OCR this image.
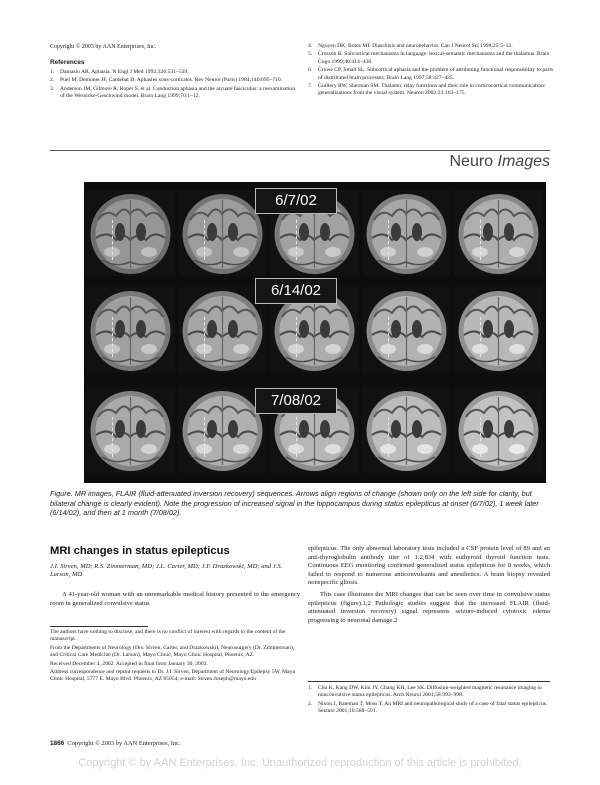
Copyright © 2003 by AAN Enterprises, Inc.
References
1. Damasio AR. Aphasia. N Engl J Med 1992;326:531–539.
2. Puel M, Demonet JF, Cardebat D. Aphasies sous-corticales. Rev Neurol (Paris) 1984;140:695–710.
3. Anderson JM, Gilmore R, Roper S, et al. Conduction aphasia and the arcuate fasciculus: a reexamination of the Wernicke-Geschwind model. Brain Lang 1999;70:1–12.
4. Nguyen DK, Botez MI. Diaschisis and neurobehavior. Can J Neurol Sci 1998;25:5–12.
5. Crosson B. Subcortical mechanisms in language: lexical-semantic mechanisms and the thalamus. Brain Cogn 1999;40:414–438.
6. Crowe CP, Small SL. Subcortical aphasia and the problem of attributing functional responsibility to parts of distributed brain processes. Brain Lang 1997;58:427–435.
7. Guillery RW, Sherman SM. Thalamic relay functions and their role in corticocortical communication: generalizations from the visual system. Neuron 2002;33:163–175.
Neuro Images
6/7/02
6/14/02
7/08/02
Figure. MR images, FLAIR (fluid-attenuated inversion recovery) sequences. Arrows align regions of change (shown only on the left side for clarity, but bilateral change is clearly evident). Note the progression of increased signal in the hippocampus during status epilepticus at onset (6/7/02), 1 week later (6/14/02), and then at 1 month (7/08/02).
MRI changes in status epilepticus
J.I. Sirven, MD; R.S. Zimmerman, MD; J.L. Carter, MD; J.F. Drazkowski, MD; and J.S. Larson, MD
A 41-year-old woman with an unremarkable medical history presented to the emergency room in generalized convulsive status

The authors have nothing to disclose, and there is no conflict of interest with regards to the content of the manuscript.

From the Departments of Neurology (Drs. Sirven, Carter, and Drazkowski), Neurosurgery (Dr. Zimmerman), and Critical Care Medicine (Dr. Larson), Mayo Clinic, Mayo Clinic Hospital, Phoenix, AZ.

Received December 4, 2002. Accepted in final form January 30, 2003.

Address correspondence and reprint requests to Dr. J.I. Sirven, Department of Neurology/Epilepsy 5W, Mayo Clinic Hospital, 5777 E. Mayo Blvd. Phoenix, AZ 85054; e-mail: Sirven.Joseph@mayo.edu

epilepticus. The only abnormal laboratory tests included a CSF protein level of 89 and an anti-thyroglobulin antibody titer of 1:2,834 with euthyroid thyroid function tests. Continuous EEG monitoring confirmed generalized status epilepticus for 8 weeks, which failed to respond to numerous anticonvulsants and anesthetics. A brain biopsy revealed nonspecific gliosis.

This case illustrates the MRI changes that can be seen over time in convulsive status epilepticus (figure).1,2 Pathologic studies suggest that the increased FLAIR (fluid-attenuated inversion recovery) signal represents seizure-induced cytotoxic edema progressing to neuronal damage.2

1. Chu K, Kang DW, Kim JY, Chang KH, Lee SK. Diffusion-weighted magnetic resonance imaging in nonconvulsive status epilepticus. Arch Neurol 2001;58:993–998.
2. Nixon J, Bateman T, Moss T. An MRI and neuropathological study of a case of fatal status epilepticus. Seizure 2001;10:588–591.
1866 Copyright © 2003 by AAN Enterprises, Inc.
Copyright © by AAN Enterprises, Inc. Unauthorized reproduction of this article is prohibited.
